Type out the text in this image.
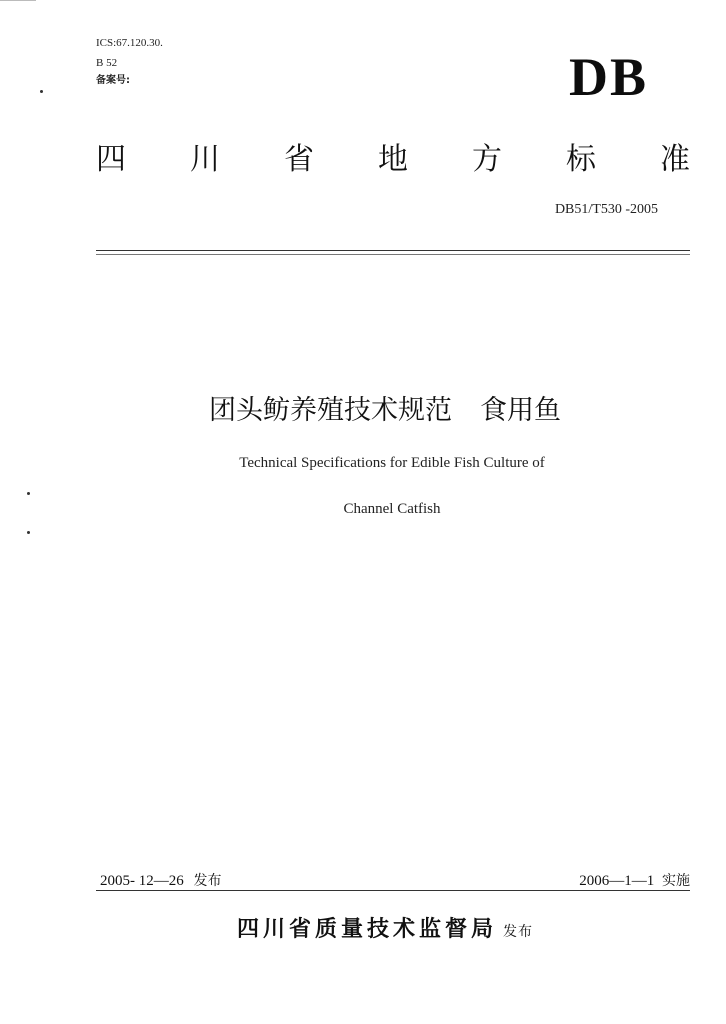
ICS:67.120.30.
B 52
备案号:	DB
四 川 省 地 方 标 准
DB51/T530 -2005
团头鲂养殖技术规范 食用鱼
Technical Specifications for Edible Fish Culture of
Channel Catfish
2005- 12—26 发布	2006—1—1 实施
四川省质量技术监督局 发布
